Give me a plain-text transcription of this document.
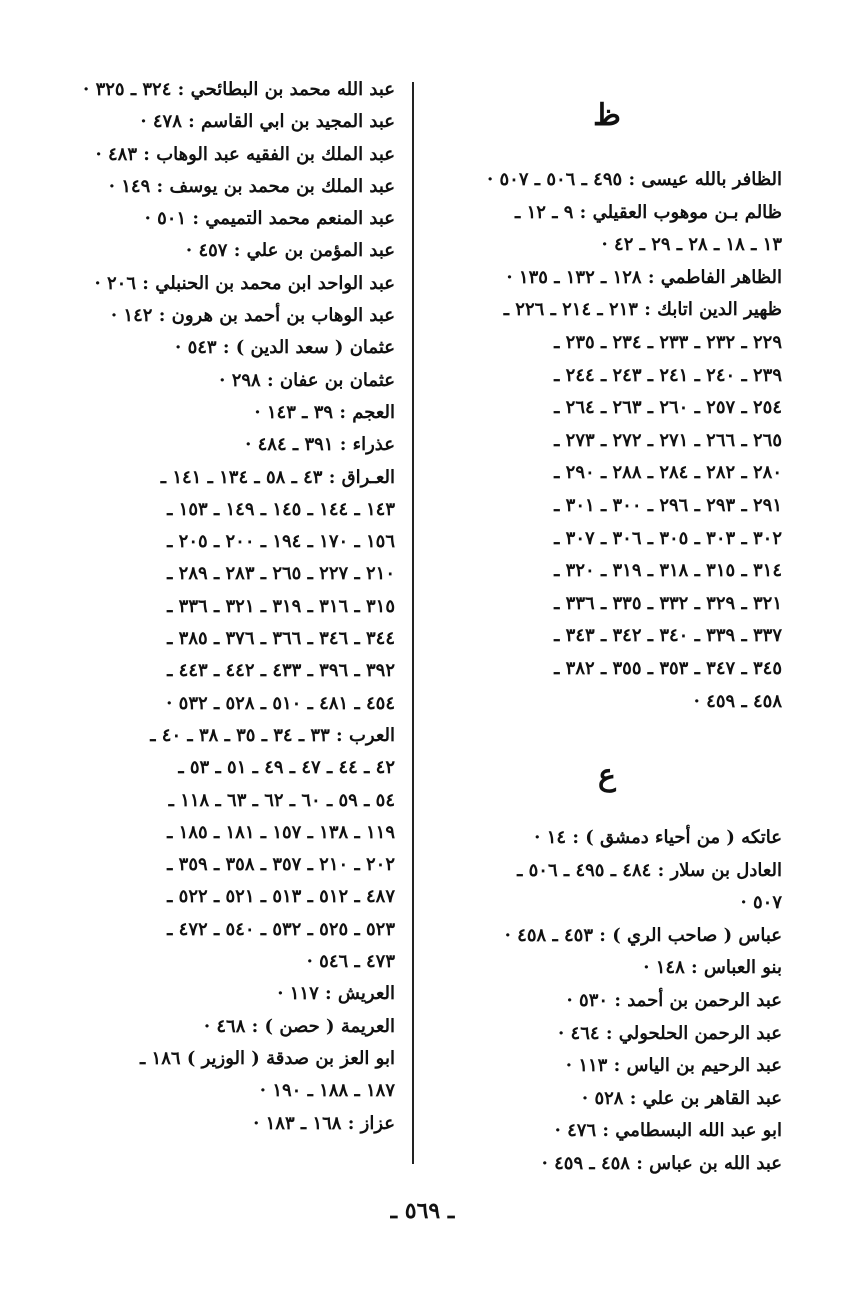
ظ
الظافر بالله عيسى : ٤٩٥ ـ ٥٠٦ ـ ٥٠٧ ·
ظالم بـن موهوب العقيلي : ٩ ـ ١٢ ـ
١٣ ـ ١٨ ـ ٢٨ ـ ٢٩ ـ ٤٢ ·
الظاهر الفاطمي : ١٢٨ ـ ١٣٢ ـ ١٣٥ ·
ظهير الدين اتابك : ٢١٣ ـ ٢١٤ ـ ٢٢٦ ـ
٢٢٩ ـ ٢٣٢ ـ ٢٣٣ ـ ٢٣٤ ـ ٢٣٥ ـ
٢٣٩ ـ ٢٤٠ ـ ٢٤١ ـ ٢٤٣ ـ ٢٤٤ ـ
٢٥٤ ـ ٢٥٧ ـ ٢٦٠ ـ ٢٦٣ ـ ٢٦٤ ـ
٢٦٥ ـ ٢٦٦ ـ ٢٧١ ـ ٢٧٢ ـ ٢٧٣ ـ
٢٨٠ ـ ٢٨٢ ـ ٢٨٤ ـ ٢٨٨ ـ ٢٩٠ ـ
٢٩١ ـ ٢٩٣ ـ ٢٩٦ ـ ٣٠٠ ـ ٣٠١ ـ
٣٠٢ ـ ٣٠٣ ـ ٣٠٥ ـ ٣٠٦ ـ ٣٠٧ ـ
٣١٤ ـ ٣١٥ ـ ٣١٨ ـ ٣١٩ ـ ٣٢٠ ـ
٣٢١ ـ ٣٢٩ ـ ٣٣٢ ـ ٣٣٥ ـ ٣٣٦ ـ
٣٣٧ ـ ٣٣٩ ـ ٣٤٠ ـ ٣٤٢ ـ ٣٤٣ ـ
٣٤٥ ـ ٣٤٧ ـ ٣٥٣ ـ ٣٥٥ ـ ٣٨٢ ـ
٤٥٨ ـ ٤٥٩ ·
ع
عاتكه ( من أحياء دمشق ) : ١٤ ·
العادل بن سلار : ٤٨٤ ـ ٤٩٥ ـ ٥٠٦ ـ
٥٠٧ ·
عباس ( صاحب الري ) : ٤٥٣ ـ ٤٥٨ ·
بنو العباس : ١٤٨ ·
عبد الرحمن بن أحمد : ٥٣٠ ·
عبد الرحمن الحلحولي : ٤٦٤ ·
عبد الرحيم بن الياس : ١١٣ ·
عبد القاهر بن علي : ٥٢٨ ·
ابو عبد الله البسطامي : ٤٧٦ ·
عبد الله بن عباس : ٤٥٨ ـ ٤٥٩ ·
عبد الله محمد بن البطائحي : ٣٢٤ ـ ٣٢٥ ·
عبد المجيد بن ابي القاسم : ٤٧٨ ·
عبد الملك بن الفقيه عبد الوهاب : ٤٨٣ ·
عبد الملك بن محمد بن يوسف : ١٤٩ ·
عبد المنعم محمد التميمي : ٥٠١ ·
عبد المؤمن بن علي : ٤٥٧ ·
عبد الواحد ابن محمد بن الحنبلي : ٢٠٦ ·
عبد الوهاب بن أحمد بن هرون : ١٤٢ ·
عثمان ( سعد الدين ) : ٥٤٣ ·
عثمان بن عفان : ٢٩٨ ·
العجم : ٣٩ ـ ١٤٣ ·
عذراء : ٣٩١ ـ ٤٨٤ ·
العـراق : ٤٣ ـ ٥٨ ـ ١٣٤ ـ ١٤١ ـ
١٤٣ ـ ١٤٤ ـ ١٤٥ ـ ١٤٩ ـ ١٥٣ ـ
١٥٦ ـ ١٧٠ ـ ١٩٤ ـ ٢٠٠ ـ ٢٠٥ ـ
٢١٠ ـ ٢٢٧ ـ ٢٦٥ ـ ٢٨٣ ـ ٢٨٩ ـ
٣١٥ ـ ٣١٦ ـ ٣١٩ ـ ٣٢١ ـ ٣٣٦ ـ
٣٤٤ ـ ٣٤٦ ـ ٣٦٦ ـ ٣٧٦ ـ ٣٨٥ ـ
٣٩٢ ـ ٣٩٦ ـ ٤٣٣ ـ ٤٤٢ ـ ٤٤٣ ـ
٤٥٤ ـ ٤٨١ ـ ٥١٠ ـ ٥٢٨ ـ ٥٣٢ ·
العرب : ٣٣ ـ ٣٤ ـ ٣٥ ـ ٣٨ ـ ٤٠ ـ
٤٢ ـ ٤٤ ـ ٤٧ ـ ٤٩ ـ ٥١ ـ ٥٣ ـ
٥٤ ـ ٥٩ ـ ٦٠ ـ ٦٢ ـ ٦٣ ـ ١١٨ ـ
١١٩ ـ ١٣٨ ـ ١٥٧ ـ ١٨١ ـ ١٨٥ ـ
٢٠٢ ـ ٢١٠ ـ ٣٥٧ ـ ٣٥٨ ـ ٣٥٩ ـ
٤٨٧ ـ ٥١٢ ـ ٥١٣ ـ ٥٢١ ـ ٥٢٢ ـ
٥٢٣ ـ ٥٢٥ ـ ٥٣٢ ـ ٥٤٠ ـ ٤٧٢ ـ
٤٧٣ ـ ٥٤٦ ·
العريش : ١١٧ ·
العريمة ( حصن ) : ٤٦٨ ·
ابو العز بن صدقة ( الوزير ) ١٨٦ ـ
١٨٧ ـ ١٨٨ ـ ١٩٠ ·
عزاز : ١٦٨ ـ ١٨٣ ·
ـ ٥٦٩ ـ
